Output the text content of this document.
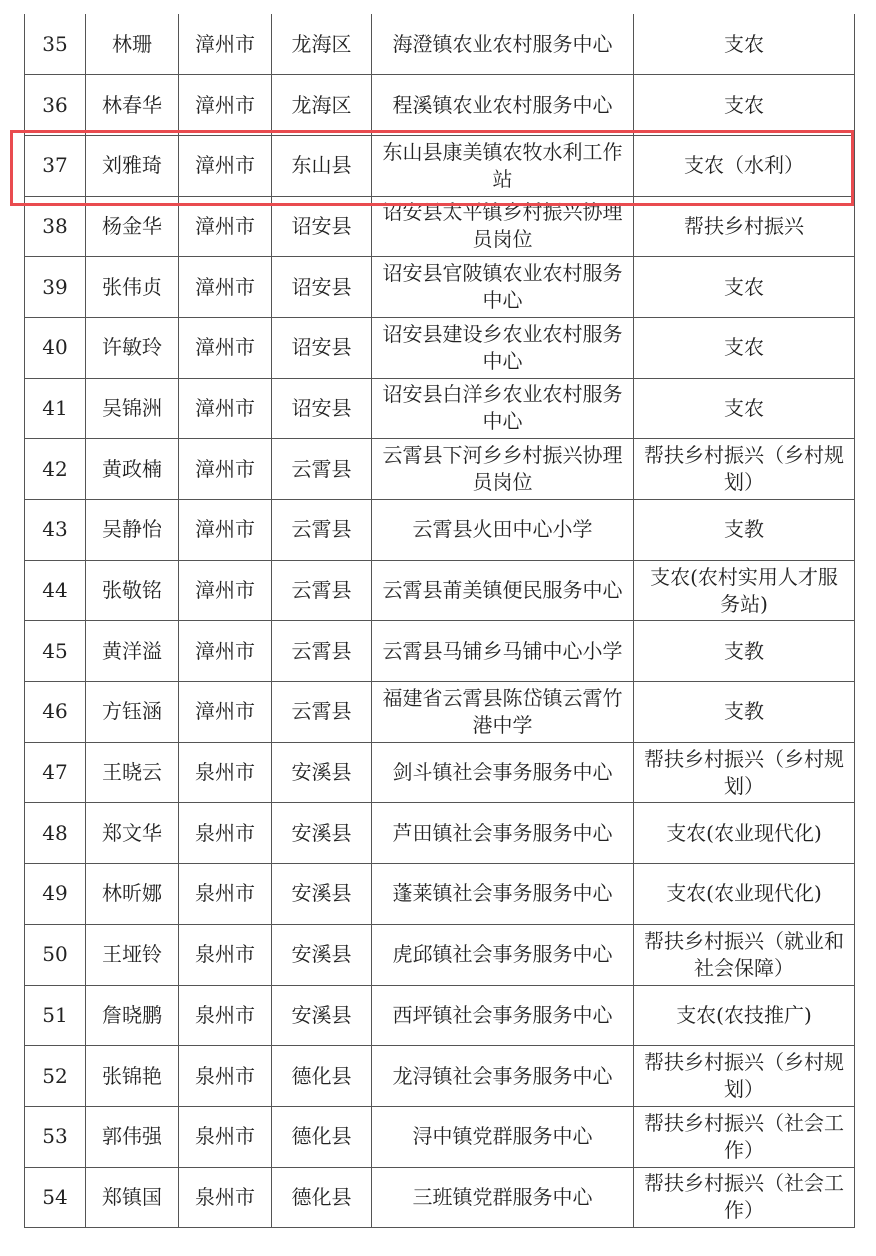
35	林珊	漳州市	龙海区	海澄镇农业农村服务中心	支农
36	林春华	漳州市	龙海区	程溪镇农业农村服务中心	支农
37	刘雅琦	漳州市	东山县	东山县康美镇农牧水利工作站	支农（水利）
38	杨金华	漳州市	诏安县	诏安县太平镇乡村振兴协理员岗位	帮扶乡村振兴
39	张伟贞	漳州市	诏安县	诏安县官陂镇农业农村服务中心	支农
40	许敏玲	漳州市	诏安县	诏安县建设乡农业农村服务中心	支农
41	吴锦洲	漳州市	诏安县	诏安县白洋乡农业农村服务中心	支农
42	黄政楠	漳州市	云霄县	云霄县下河乡乡村振兴协理员岗位	帮扶乡村振兴（乡村规划）
43	吴静怡	漳州市	云霄县	云霄县火田中心小学	支教
44	张敬铭	漳州市	云霄县	云霄县莆美镇便民服务中心	支农(农村实用人才服务站)
45	黄洋溢	漳州市	云霄县	云霄县马铺乡马铺中心小学	支教
46	方钰涵	漳州市	云霄县	福建省云霄县陈岱镇云霄竹港中学	支教
47	王晓云	泉州市	安溪县	剑斗镇社会事务服务中心	帮扶乡村振兴（乡村规划）
48	郑文华	泉州市	安溪县	芦田镇社会事务服务中心	支农(农业现代化)
49	林昕娜	泉州市	安溪县	蓬莱镇社会事务服务中心	支农(农业现代化)
50	王垭铃	泉州市	安溪县	虎邱镇社会事务服务中心	帮扶乡村振兴（就业和社会保障）
51	詹晓鹏	泉州市	安溪县	西坪镇社会事务服务中心	支农(农技推广)
52	张锦艳	泉州市	德化县	龙浔镇社会事务服务中心	帮扶乡村振兴（乡村规划）
53	郭伟强	泉州市	德化县	浔中镇党群服务中心	帮扶乡村振兴（社会工作）
54	郑镇国	泉州市	德化县	三班镇党群服务中心	帮扶乡村振兴（社会工作）
